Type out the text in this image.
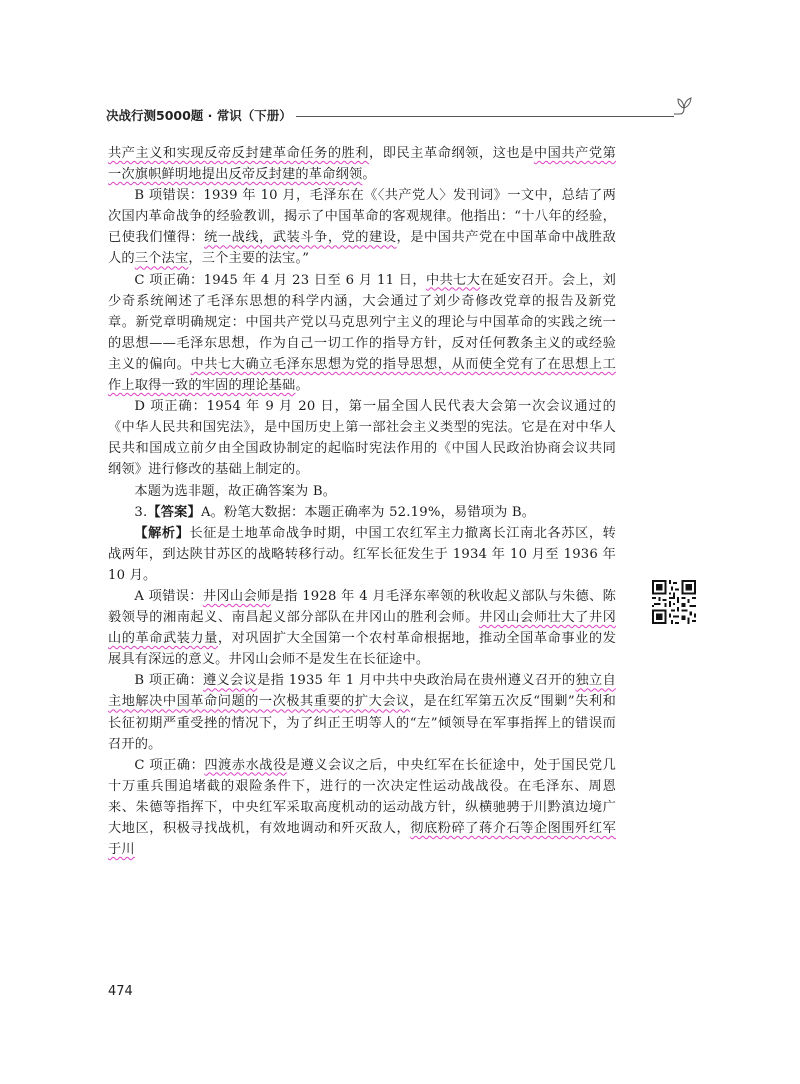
决战行测5000题 · 常识（下册）

共产主义和实现反帝反封建革命任务的胜利，即民主革命纲领，这也是中国共产党第一次旗帜鲜明地提出反帝反封建的革命纲领。

B 项错误：1939 年 10 月，毛泽东在《〈共产党人〉发刊词》一文中，总结了两次国内革命战争的经验教训，揭示了中国革命的客观规律。他指出：“十八年的经验，已使我们懂得：统一战线，武装斗争，党的建设，是中国共产党在中国革命中战胜敌人的三个法宝，三个主要的法宝。”

C 项正确：1945 年 4 月 23 日至 6 月 11 日，中共七大在延安召开。会上，刘少奇系统阐述了毛泽东思想的科学内涵，大会通过了刘少奇修改党章的报告及新党章。新党章明确规定：中国共产党以马克思列宁主义的理论与中国革命的实践之统一的思想——毛泽东思想，作为自己一切工作的指导方针，反对任何教条主义的或经验主义的偏向。中共七大确立毛泽东思想为党的指导思想，从而使全党有了在思想上工作上取得一致的牢固的理论基础。

D 项正确：1954 年 9 月 20 日，第一届全国人民代表大会第一次会议通过的《中华人民共和国宪法》，是中国历史上第一部社会主义类型的宪法。它是在对中华人民共和国成立前夕由全国政协制定的起临时宪法作用的《中国人民政治协商会议共同纲领》进行修改的基础上制定的。

本题为选非题，故正确答案为 B。

3.【答案】A。粉笔大数据：本题正确率为 52.19%，易错项为 B。

【解析】长征是土地革命战争时期，中国工农红军主力撤离长江南北各苏区，转战两年，到达陕甘苏区的战略转移行动。红军长征发生于 1934 年 10 月至 1936 年 10 月。

A 项错误：井冈山会师是指 1928 年 4 月毛泽东率领的秋收起义部队与朱德、陈毅领导的湘南起义、南昌起义部分部队在井冈山的胜利会师。井冈山会师壮大了井冈山的革命武装力量，对巩固扩大全国第一个农村革命根据地，推动全国革命事业的发展具有深远的意义。井冈山会师不是发生在长征途中。

B 项正确：遵义会议是指 1935 年 1 月中共中央政治局在贵州遵义召开的独立自主地解决中国革命问题的一次极其重要的扩大会议，是在红军第五次反“围剿”失利和长征初期严重受挫的情况下，为了纠正王明等人的“左”倾领导在军事指挥上的错误而召开的。

C 项正确：四渡赤水战役是遵义会议之后，中央红军在长征途中，处于国民党几十万重兵围追堵截的艰险条件下，进行的一次决定性运动战战役。在毛泽东、周恩来、朱德等指挥下，中央红军采取高度机动的运动战方针，纵横驰骋于川黔滇边境广大地区，积极寻找战机，有效地调动和歼灭敌人，彻底粉碎了蒋介石等企图围歼红军于川

474
